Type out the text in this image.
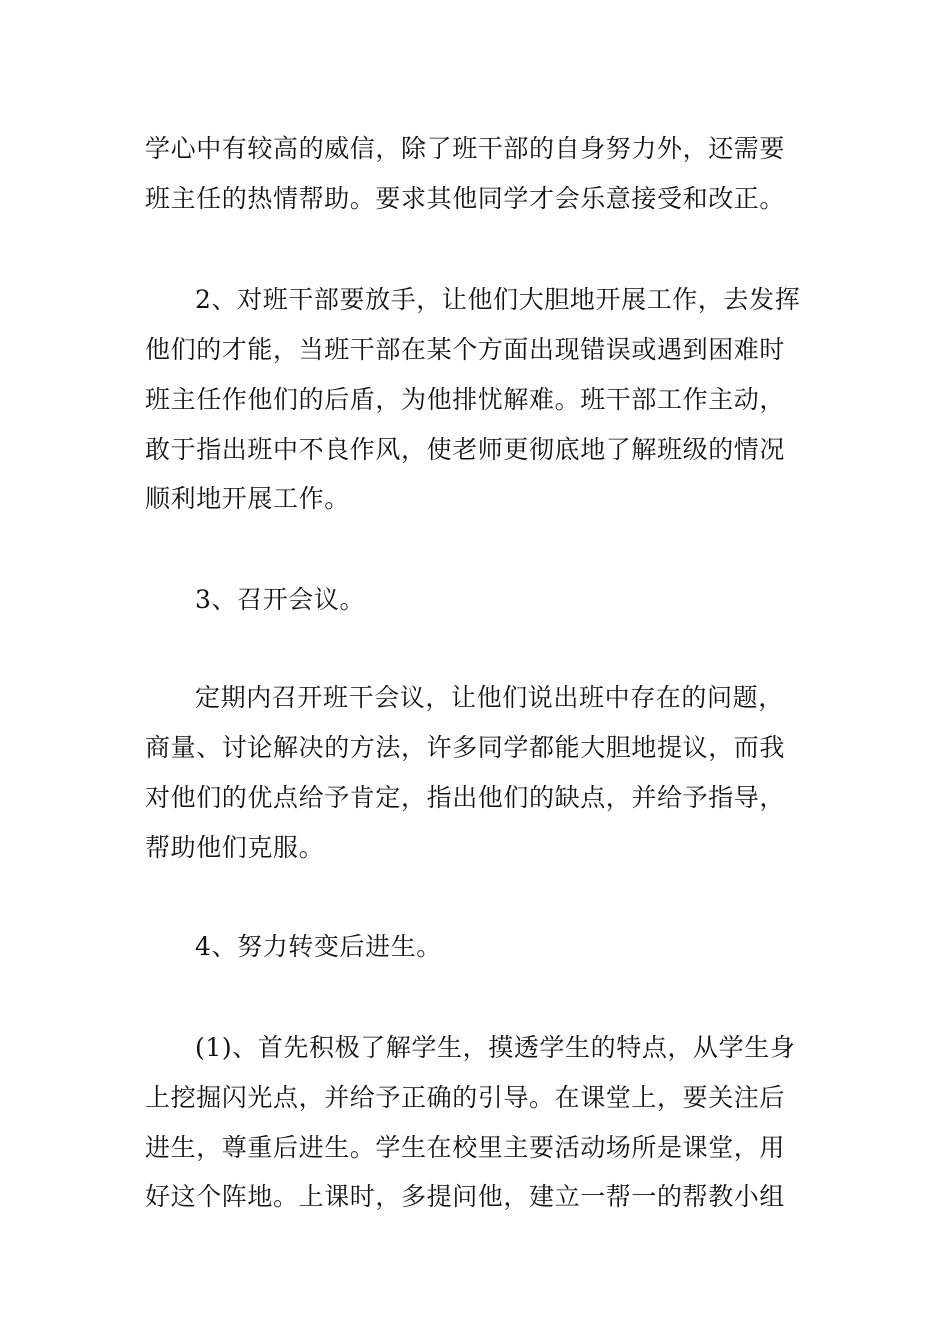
学心中有较高的威信，除了班干部的自身努力外，还需要
班主任的热情帮助。要求其他同学才会乐意接受和改正。
2、对班干部要放手，让他们大胆地开展工作，去发挥
他们的才能，当班干部在某个方面出现错误或遇到困难时
班主任作他们的后盾，为他排忧解难。班干部工作主动，
敢于指出班中不良作风，使老师更彻底地了解班级的情况
顺利地开展工作。
3、召开会议。
定期内召开班干会议，让他们说出班中存在的问题，
商量、讨论解决的方法，许多同学都能大胆地提议，而我
对他们的优点给予肯定，指出他们的缺点，并给予指导，
帮助他们克服。
4、努力转变后进生。
(1)、首先积极了解学生，摸透学生的特点，从学生身
上挖掘闪光点，并给予正确的引导。在课堂上，要关注后
进生，尊重后进生。学生在校里主要活动场所是课堂，用
好这个阵地。上课时，多提问他，建立一帮一的帮教小组
